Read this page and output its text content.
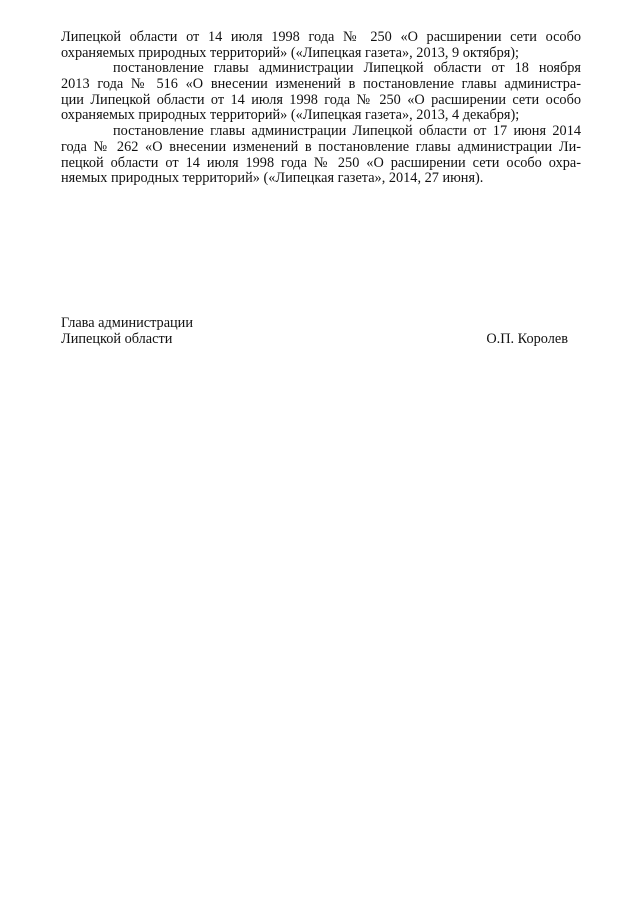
Липецкой области от 14 июля 1998 года № 250 «О расширении сети особо
охраняемых природных территорий» («Липецкая газета», 2013, 9 октября);
постановление главы администрации Липецкой области от 18 ноября
2013 года № 516 «О внесении изменений в постановление главы администра-
ции Липецкой области от 14 июля 1998 года № 250 «О расширении сети особо
охраняемых природных территорий» («Липецкая газета», 2013, 4 декабря);
постановление главы администрации Липецкой области от 17 июня 2014
года № 262 «О внесении изменений в постановление главы администрации Ли-
пецкой области от 14 июля 1998 года № 250 «О расширении сети особо охра-
няемых природных территорий» («Липецкая газета», 2014, 27 июня).
Глава администрации
Липецкой области	О.П. Королев
